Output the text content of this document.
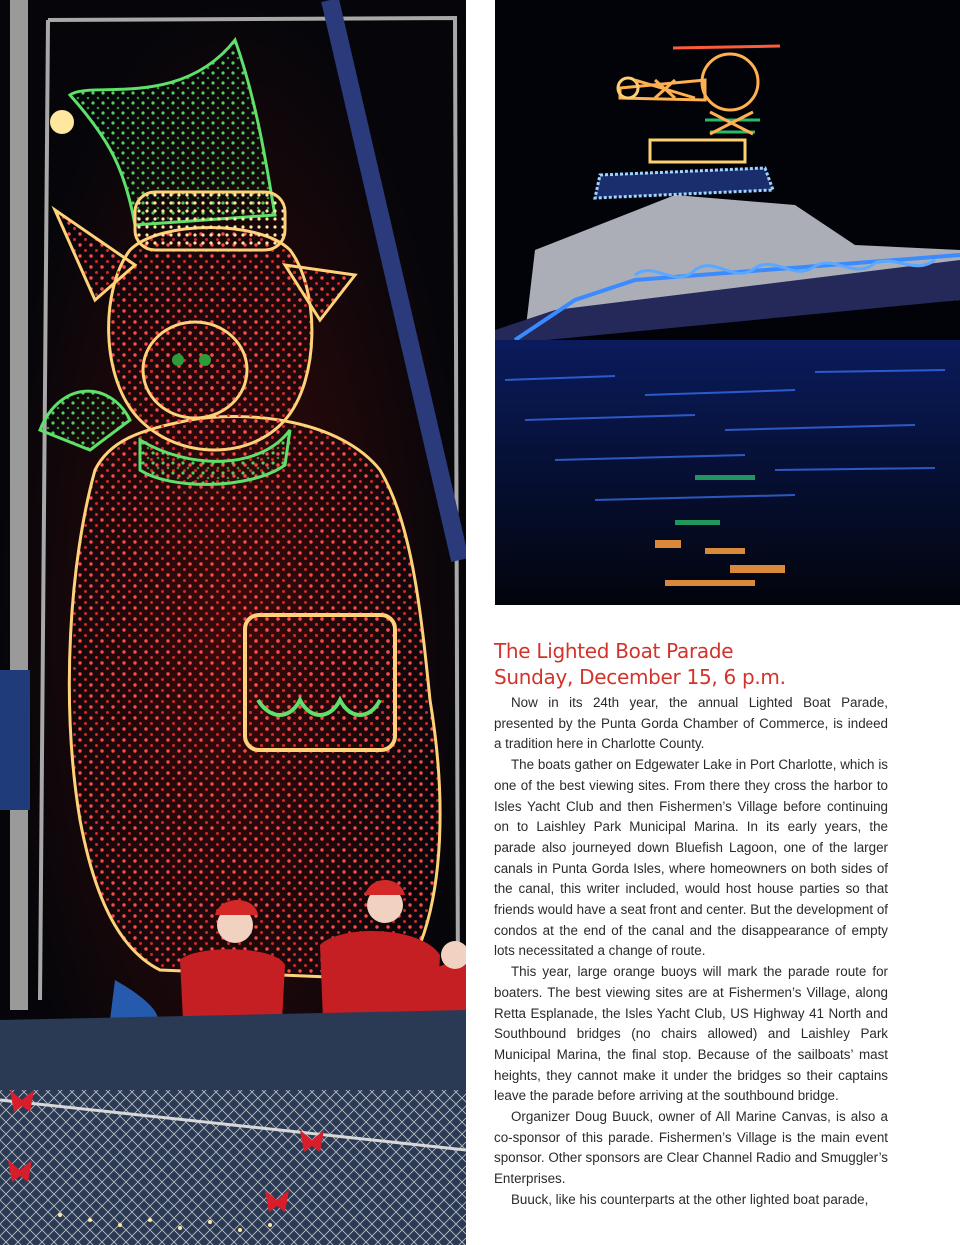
The Lighted Boat Parade
Sunday, December 15, 6 p.m.

Now in its 24th year, the annual Lighted Boat Parade, presented by the Punta Gorda Chamber of Commerce, is indeed a tradition here in Charlotte County.

The boats gather on Edgewater Lake in Port Charlotte, which is one of the best viewing sites. From there they cross the harbor to Isles Yacht Club and then Fishermen’s Village before continuing on to Laishley Park Municipal Marina. In its early years, the parade also journeyed down Bluefish Lagoon, one of the larger canals in Punta Gorda Isles, where homeowners on both sides of the canal, this writer included, would host house parties so that friends would have a seat front and center. But the development of condos at the end of the canal and the disappearance of empty lots necessitated a change of route.

This year, large orange buoys will mark the parade route for boaters. The best viewing sites are at Fishermen’s Village, along Retta Esplanade, the Isles Yacht Club, US Highway 41 North and Southbound bridges (no chairs allowed) and Laishley Park Municipal Marina, the final stop. Because of the sailboats’ mast heights, they cannot make it under the bridges so their captains leave the parade before arriving at the southbound bridge.

Organizer Doug Buuck, owner of All Marine Canvas, is also a co-sponsor of this parade. Fishermen’s Village is the main event sponsor. Other sponsors are Clear Channel Radio and Smuggler’s Enterprises.

Buuck, like his counterparts at the other lighted boat parade,
